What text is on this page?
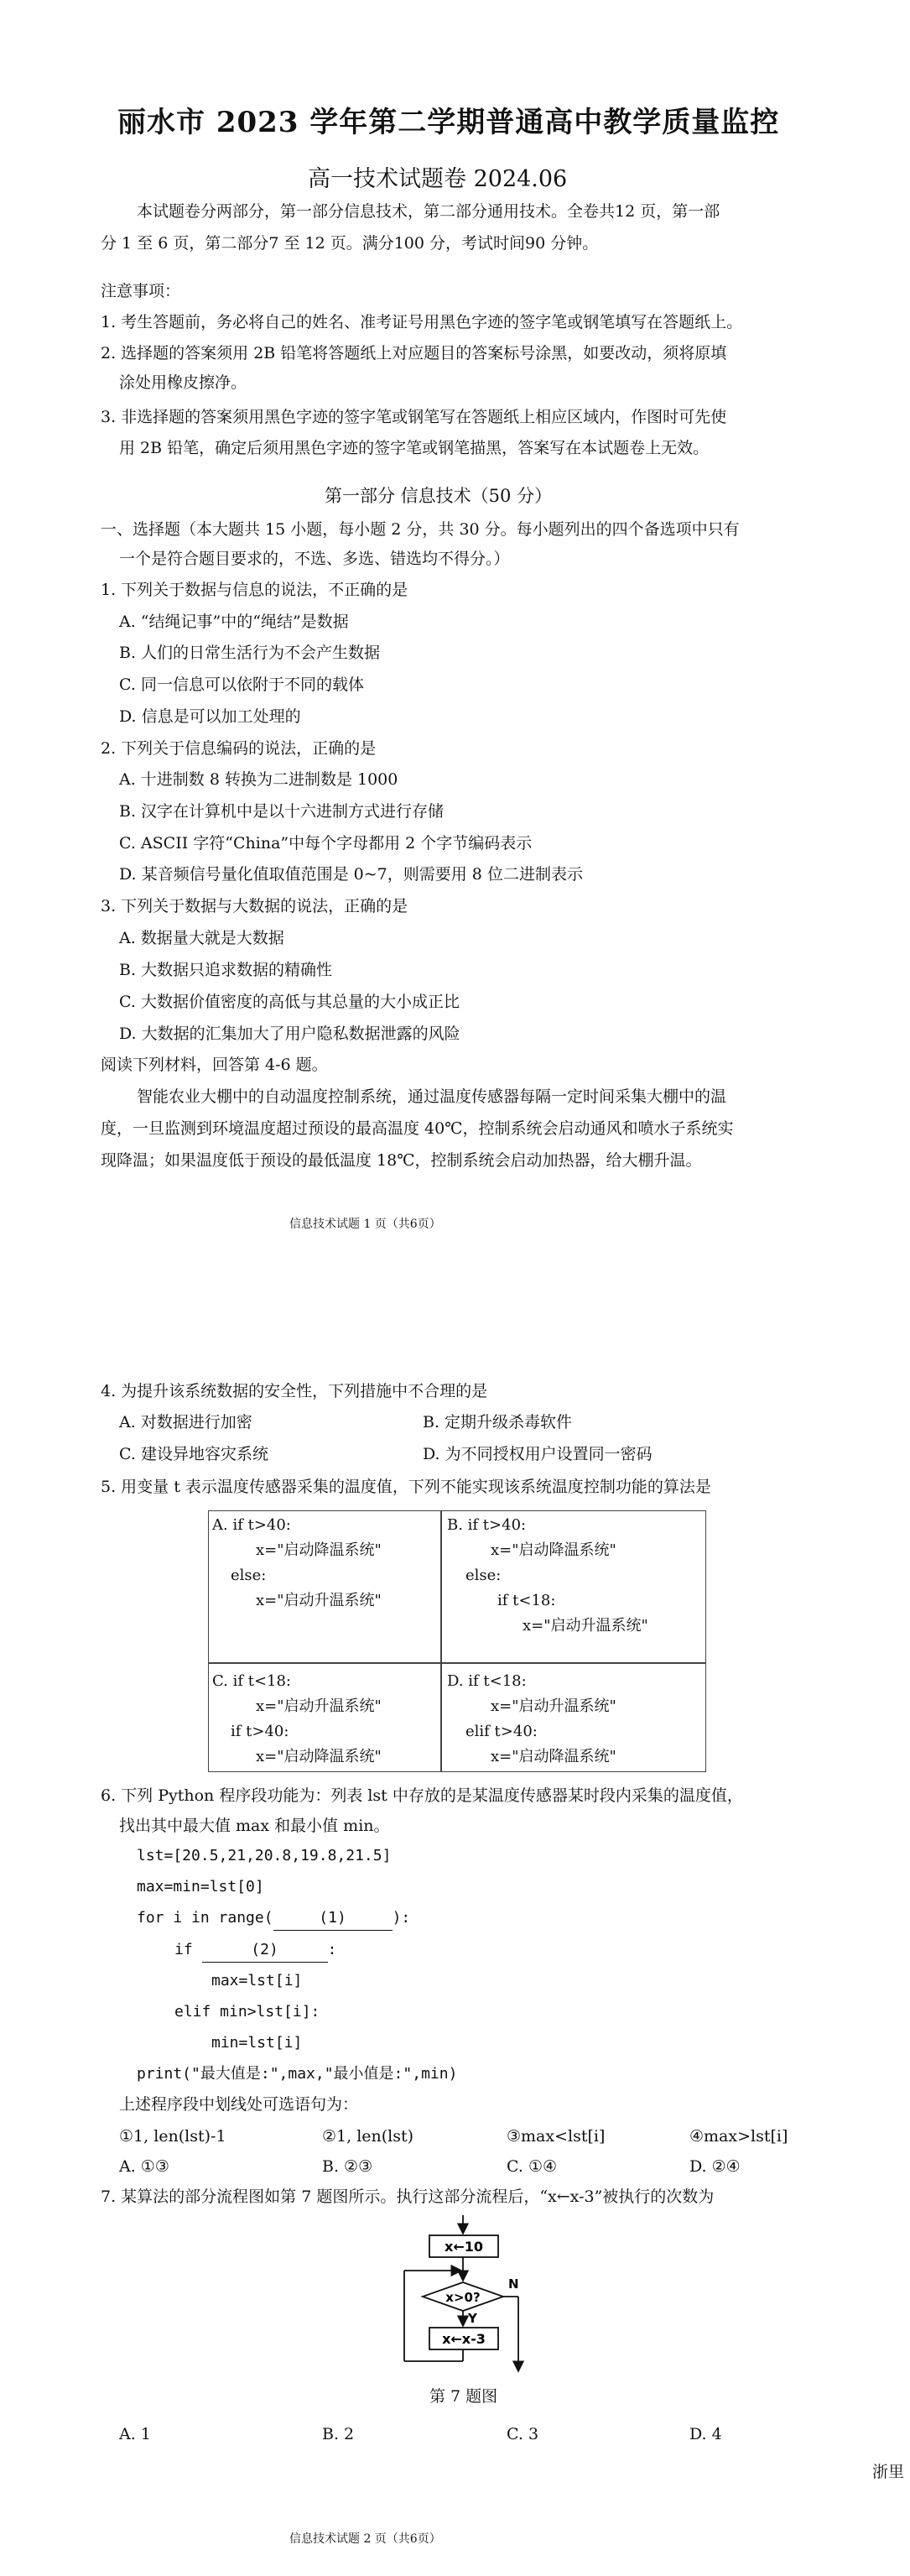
丽水市 2023 学年第二学期普通高中教学质量监控
高一技术试题卷 2024.06
本试题卷分两部分，第一部分信息技术，第二部分通用技术。全卷共12 页，第一部
分 1 至 6 页，第二部分7 至 12 页。满分100 分，考试时间90 分钟。
注意事项：
1. 考生答题前，务必将自己的姓名、准考证号用黑色字迹的签字笔或钢笔填写在答题纸上。
2. 选择题的答案须用 2B 铅笔将答题纸上对应题目的答案标号涂黑，如要改动，须将原填
涂处用橡皮擦净。
3. 非选择题的答案须用黑色字迹的签字笔或钢笔写在答题纸上相应区域内，作图时可先使
用 2B 铅笔，确定后须用黑色字迹的签字笔或钢笔描黑，答案写在本试题卷上无效。
第一部分 信息技术（50 分）
一、选择题（本大题共 15 小题，每小题 2 分，共 30 分。每小题列出的四个备选项中只有
一个是符合题目要求的，不选、多选、错选均不得分。）
1. 下列关于数据与信息的说法，不正确的是
A. “结绳记事”中的“绳结”是数据
B. 人们的日常生活行为不会产生数据
C. 同一信息可以依附于不同的载体
D. 信息是可以加工处理的
2. 下列关于信息编码的说法，正确的是
A. 十进制数 8 转换为二进制数是 1000
B. 汉字在计算机中是以十六进制方式进行存储
C. ASCII 字符“China”中每个字母都用 2 个字节编码表示
D. 某音频信号量化值取值范围是 0~7，则需要用 8 位二进制表示
3. 下列关于数据与大数据的说法，正确的是
A. 数据量大就是大数据
B. 大数据只追求数据的精确性
C. 大数据价值密度的高低与其总量的大小成正比
D. 大数据的汇集加大了用户隐私数据泄露的风险
阅读下列材料，回答第 4-6 题。
智能农业大棚中的自动温度控制系统，通过温度传感器每隔一定时间采集大棚中的温
度，一旦监测到环境温度超过预设的最高温度 40℃，控制系统会启动通风和喷水子系统实
现降温；如果温度低于预设的最低温度 18℃，控制系统会启动加热器，给大棚升温。
信息技术试题 1 页（共6页）
4. 为提升该系统数据的安全性，下列措施中不合理的是
A. 对数据进行加密	B. 定期升级杀毒软件
C. 建设异地容灾系统	D. 为不同授权用户设置同一密码
5. 用变量 t 表示温度传感器采集的温度值，下列不能实现该系统温度控制功能的算法是
A. if t>40:
x="启动降温系统"
else:
x="启动升温系统"
B. if t>40:
x="启动降温系统"
else:
if t<18:
x="启动升温系统"
C. if t<18:
x="启动升温系统"
if t>40:
x="启动降温系统"
D. if t<18:
x="启动升温系统"
elif t>40:
x="启动降温系统"
6. 下列 Python 程序段功能为：列表 lst 中存放的是某温度传感器某时段内采集的温度值，
找出其中最大值 max 和最小值 min。
lst=[20.5,21,20.8,19.8,21.5]
max=min=lst[0]
for i in range(	(1)	):
if	(2)	:
max=lst[i]
elif min>lst[i]:
min=lst[i]
print("最大值是:",max,"最小值是:",min)
上述程序段中划线处可选语句为：
①1, len(lst)-1	②1, len(lst)	③max<lst[i]	④max>lst[i]
A. ①③	B. ②③	C. ①④	D. ②④
7. 某算法的部分流程图如第 7 题图所示。执行这部分流程后，“x←x-3”被执行的次数为
x←10
x>0?
N
Y
x←x-3
第 7 题图
A. 1	B. 2	C. 3	D. 4
浙里
信息技术试题 2 页（共6页）
